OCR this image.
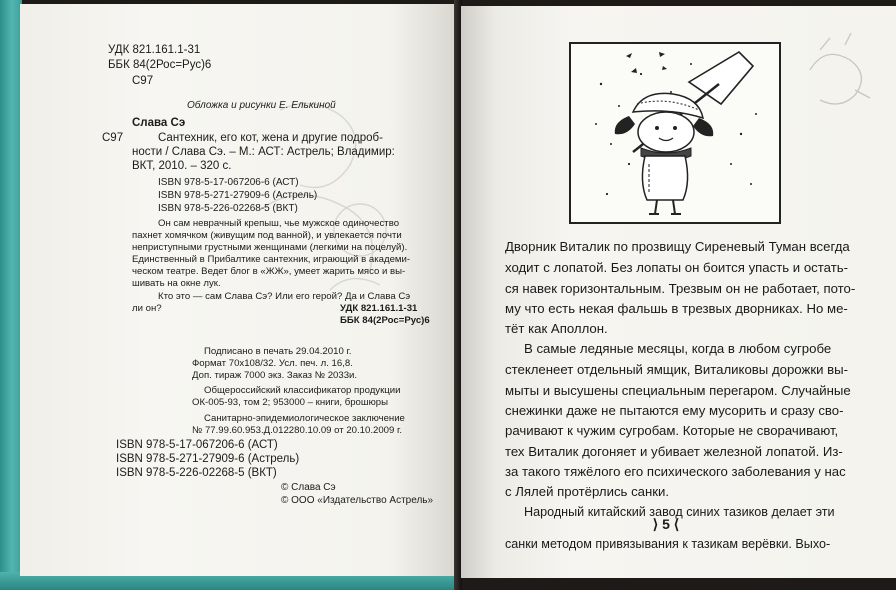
УДК 821.161.1-31
ББК 84(2Рос=Рус)6
С97
Обложка и рисунки Е. Елькиной
Слава Сэ
С97	Сантехник, его кот, жена и другие подроб-
ности / Слава Сэ. – М.: АСТ: Астрель; Владимир:
ВКТ, 2010. – 320 с.
ISBN 978-5-17-067206-6 (АСТ)
ISBN 978-5-271-27909-6 (Астрель)
ISBN 978-5-226-02268-5 (ВКТ)
Он сам неврачный крепыш, чье мужское одиночество
пахнет хомячком (живущим под ванной), и увлекается почти
неприступными грустными женщинами (легкими на поцелуй).
Единственный в Прибалтике сантехник, играющий в академи-
ческом театре. Ведет блог в «ЖЖ», умеет жарить мясо и вы-
шивать на окне лук.
Кто это — сам Слава Сэ? Или его герой? Да и Слава Сэ
ли он?	УДК 821.161.1-31
ББК 84(2Рос=Рус)6
Подписано в печать 29.04.2010 г.
Формат 70х108/32. Усл. печ. л. 16,8.
Доп. тираж 7000 экз. Заказ № 2033и.
Общероссийский классификатор продукции
ОК-005-93, том 2; 953000 – книги, брошюры
Санитарно-эпидемиологическое заключение
№ 77.99.60.953.Д.012280.10.09 от 20.10.2009 г.
ISBN 978-5-17-067206-6 (АСТ)
ISBN 978-5-271-27909-6 (Астрель)
ISBN 978-5-226-02268-5 (ВКТ)
© Слава Сэ
© ООО «Издательство Астрель»
Дворник Виталик по прозвищу Сиреневый Туман всегда
ходит с лопатой. Без лопаты он боится упасть и остать-
ся навек горизонтальным. Трезвым он не работает, пото-
му что есть некая фальшь в трезвых дворниках. Но ме-
тёт как Аполлон.
В самые ледяные месяцы, когда в любом сугробе
стекленеет отдельный ямщик, Виталиковы дорожки вы-
мыты и высушены специальным перегаром. Случайные
снежинки даже не пытаются ему мусорить и сразу сво-
рачивают к чужим сугробам. Которые не сворачивают,
тех Виталик догоняет и убивает железной лопатой. Из-
за такого тяжёлого его психического заболевания у нас
с Лялей протёрлись санки.
Народный китайский завод синих тазиков делает эти
⟩ 5 ⟨
санки методом привязывания к тазикам верёвки. Выхо-
